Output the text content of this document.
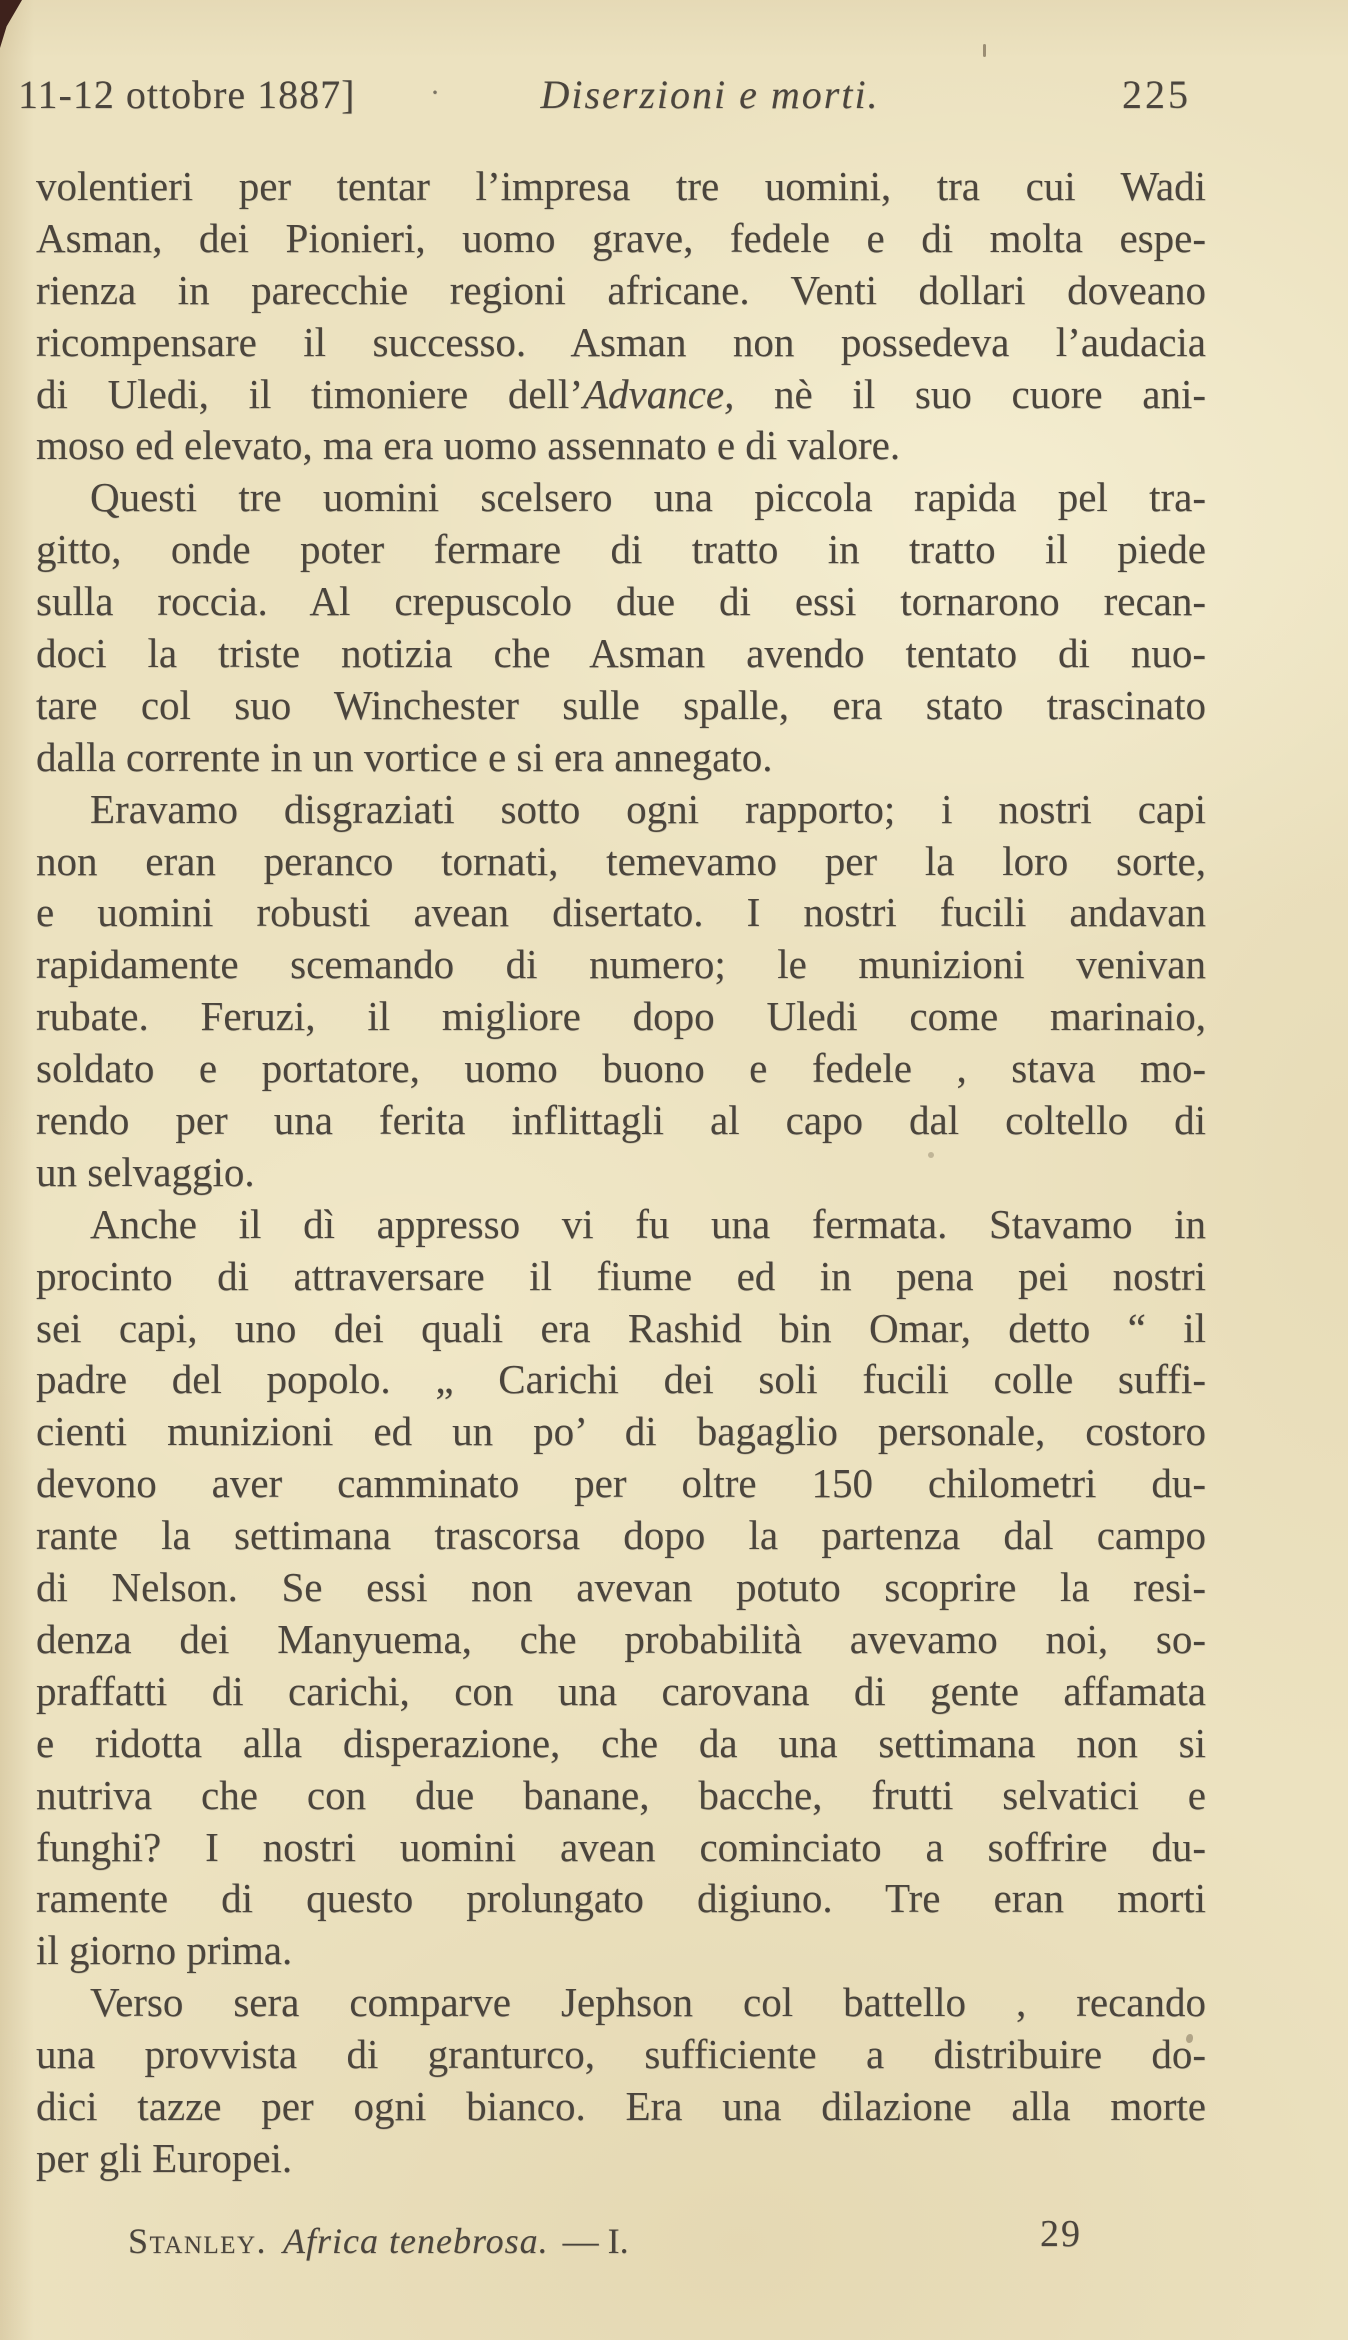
11-12 ottobre 1887] ·	Diserzioni e morti.	225
volentieri per tentar l’impresa tre uomini, tra cui Wadi
Asman, dei Pionieri, uomo grave, fedele e di molta espe-
rienza in parecchie regioni africane. Venti dollari doveano
ricompensare il successo. Asman non possedeva l’audacia
di Uledi, il timoniere dell’Advance, nè il suo cuore ani-
moso ed elevato, ma era uomo assennato e di valore.
Questi tre uomini scelsero una piccola rapida pel tra-
gitto, onde poter fermare di tratto in tratto il piede
sulla roccia. Al crepuscolo due di essi tornarono recan-
doci la triste notizia che Asman avendo tentato di nuo-
tare col suo Winchester sulle spalle, era stato trascinato
dalla corrente in un vortice e si era annegato.
Eravamo disgraziati sotto ogni rapporto; i nostri capi
non eran peranco tornati, temevamo per la loro sorte,
e uomini robusti avean disertato. I nostri fucili andavan
rapidamente scemando di numero; le munizioni venivan
rubate. Feruzi, il migliore dopo Uledi come marinaio,
soldato e portatore, uomo buono e fedele , stava mo-
rendo per una ferita inflittagli al capo dal coltello di
un selvaggio.
Anche il dì appresso vi fu una fermata. Stavamo in
procinto di attraversare il fiume ed in pena pei nostri
sei capi, uno dei quali era Rashid bin Omar, detto “ il
padre del popolo. „ Carichi dei soli fucili colle suffi-
cienti munizioni ed un po’ di bagaglio personale, costoro
devono aver camminato per oltre 150 chilometri du-
rante la settimana trascorsa dopo la partenza dal campo
di Nelson. Se essi non avevan potuto scoprire la resi-
denza dei Manyuema, che probabilità avevamo noi, so-
praffatti di carichi, con una carovana di gente affamata
e ridotta alla disperazione, che da una settimana non si
nutriva che con due banane, bacche, frutti selvatici e
funghi? I nostri uomini avean cominciato a soffrire du-
ramente di questo prolungato digiuno. Tre eran morti
il giorno prima.
Verso sera comparve Jephson col battello , recando
una provvista di granturco, sufficiente a distribuire do-
dici tazze per ogni bianco. Era una dilazione alla morte
per gli Europei.
Stanley. Africa tenebrosa. — I.	29
